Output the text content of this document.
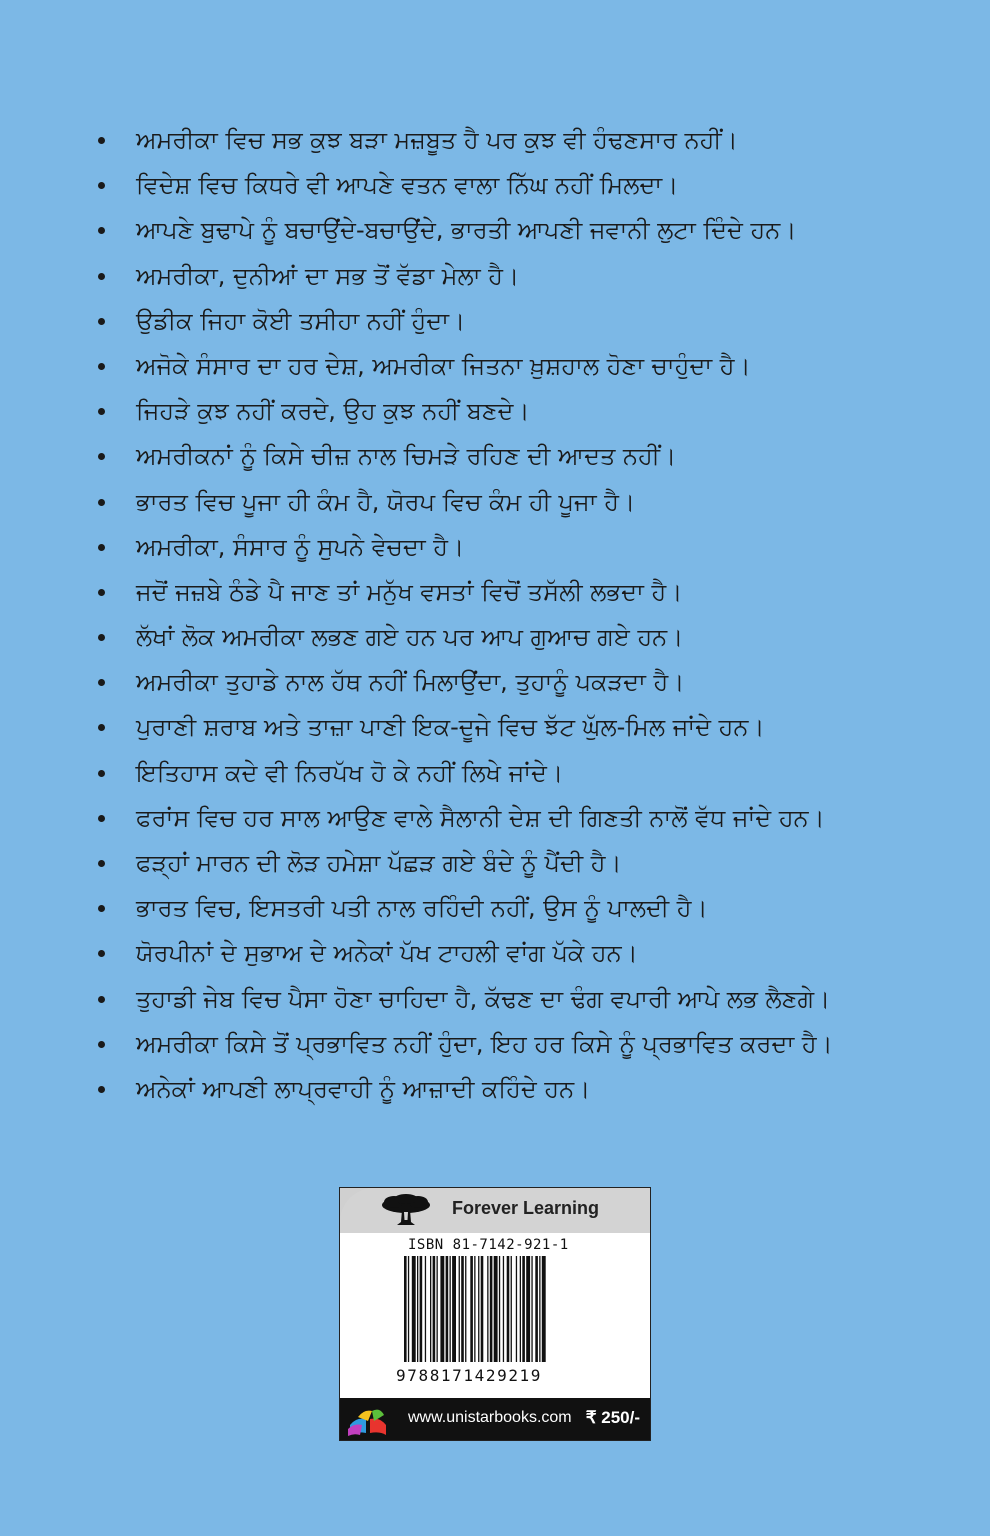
ਅਮਰੀਕਾ ਵਿਚ ਸਭ ਕੁਝ ਬੜਾ ਮਜ਼ਬੂਤ ਹੈ ਪਰ ਕੁਝ ਵੀ ਹੰਢਣਸਾਰ ਨਹੀਂ।
ਵਿਦੇਸ਼ ਵਿਚ ਕਿਧਰੇ ਵੀ ਆਪਣੇ ਵਤਨ ਵਾਲਾ ਨਿੱਘ ਨਹੀਂ ਮਿਲਦਾ।
ਆਪਣੇ ਬੁਢਾਪੇ ਨੂੰ ਬਚਾਉਂਦੇ-ਬਚਾਉਂਦੇ, ਭਾਰਤੀ ਆਪਣੀ ਜਵਾਨੀ ਲੁਟਾ ਦਿੰਦੇ ਹਨ।
ਅਮਰੀਕਾ, ਦੁਨੀਆਂ ਦਾ ਸਭ ਤੋਂ ਵੱਡਾ ਮੇਲਾ ਹੈ।
ਉਡੀਕ ਜਿਹਾ ਕੋਈ ਤਸੀਹਾ ਨਹੀਂ ਹੁੰਦਾ।
ਅਜੋਕੇ ਸੰਸਾਰ ਦਾ ਹਰ ਦੇਸ਼, ਅਮਰੀਕਾ ਜਿਤਨਾ ਖ਼ੁਸ਼ਹਾਲ ਹੋਣਾ ਚਾਹੁੰਦਾ ਹੈ।
ਜਿਹੜੇ ਕੁਝ ਨਹੀਂ ਕਰਦੇ, ਉਹ ਕੁਝ ਨਹੀਂ ਬਣਦੇ।
ਅਮਰੀਕਨਾਂ ਨੂੰ ਕਿਸੇ ਚੀਜ਼ ਨਾਲ ਚਿਮੜੇ ਰਹਿਣ ਦੀ ਆਦਤ ਨਹੀਂ।
ਭਾਰਤ ਵਿਚ ਪੂਜਾ ਹੀ ਕੰਮ ਹੈ, ਯੋਰਪ ਵਿਚ ਕੰਮ ਹੀ ਪੂਜਾ ਹੈ।
ਅਮਰੀਕਾ, ਸੰਸਾਰ ਨੂੰ ਸੁਪਨੇ ਵੇਚਦਾ ਹੈ।
ਜਦੋਂ ਜਜ਼ਬੇ ਠੰਡੇ ਪੈ ਜਾਣ ਤਾਂ ਮਨੁੱਖ ਵਸਤਾਂ ਵਿਚੋਂ ਤਸੱਲੀ ਲਭਦਾ ਹੈ।
ਲੱਖਾਂ ਲੋਕ ਅਮਰੀਕਾ ਲਭਣ ਗਏ ਹਨ ਪਰ ਆਪ ਗੁਆਚ ਗਏ ਹਨ।
ਅਮਰੀਕਾ ਤੁਹਾਡੇ ਨਾਲ ਹੱਥ ਨਹੀਂ ਮਿਲਾਉਂਦਾ, ਤੁਹਾਨੂੰ ਪਕੜਦਾ ਹੈ।
ਪੁਰਾਣੀ ਸ਼ਰਾਬ ਅਤੇ ਤਾਜ਼ਾ ਪਾਣੀ ਇਕ-ਦੂਜੇ ਵਿਚ ਝੱਟ ਘੁੱਲ-ਮਿਲ ਜਾਂਦੇ ਹਨ।
ਇਤਿਹਾਸ ਕਦੇ ਵੀ ਨਿਰਪੱਖ ਹੋ ਕੇ ਨਹੀਂ ਲਿਖੇ ਜਾਂਦੇ।
ਫਰਾਂਸ ਵਿਚ ਹਰ ਸਾਲ ਆਉਣ ਵਾਲੇ ਸੈਲਾਨੀ ਦੇਸ਼ ਦੀ ਗਿਣਤੀ ਨਾਲੋਂ ਵੱਧ ਜਾਂਦੇ ਹਨ।
ਫੜ੍ਹਾਂ ਮਾਰਨ ਦੀ ਲੋੜ ਹਮੇਸ਼ਾ ਪੱਛੜ ਗਏ ਬੰਦੇ ਨੂੰ ਪੈਂਦੀ ਹੈ।
ਭਾਰਤ ਵਿਚ, ਇਸਤਰੀ ਪਤੀ ਨਾਲ ਰਹਿੰਦੀ ਨਹੀਂ, ਉਸ ਨੂੰ ਪਾਲਦੀ ਹੈ।
ਯੋਰਪੀਨਾਂ ਦੇ ਸੁਭਾਅ ਦੇ ਅਨੇਕਾਂ ਪੱਖ ਟਾਹਲੀ ਵਾਂਗ ਪੱਕੇ ਹਨ।
ਤੁਹਾਡੀ ਜੇਬ ਵਿਚ ਪੈਸਾ ਹੋਣਾ ਚਾਹਿਦਾ ਹੈ, ਕੱਢਣ ਦਾ ਢੰਗ ਵਪਾਰੀ ਆਪੇ ਲਭ ਲੈਣਗੇ।
ਅਮਰੀਕਾ ਕਿਸੇ ਤੋਂ ਪ੍ਰਭਾਵਿਤ ਨਹੀਂ ਹੁੰਦਾ, ਇਹ ਹਰ ਕਿਸੇ ਨੂੰ ਪ੍ਰਭਾਵਿਤ ਕਰਦਾ ਹੈ।
ਅਨੇਕਾਂ ਆਪਣੀ ਲਾਪ੍ਰਵਾਹੀ ਨੂੰ ਆਜ਼ਾਦੀ ਕਹਿੰਦੇ ਹਨ।
Forever Learning
ISBN 81-7142-921-1
9788171429219
www.unistarbooks.com ₹ 250/-
